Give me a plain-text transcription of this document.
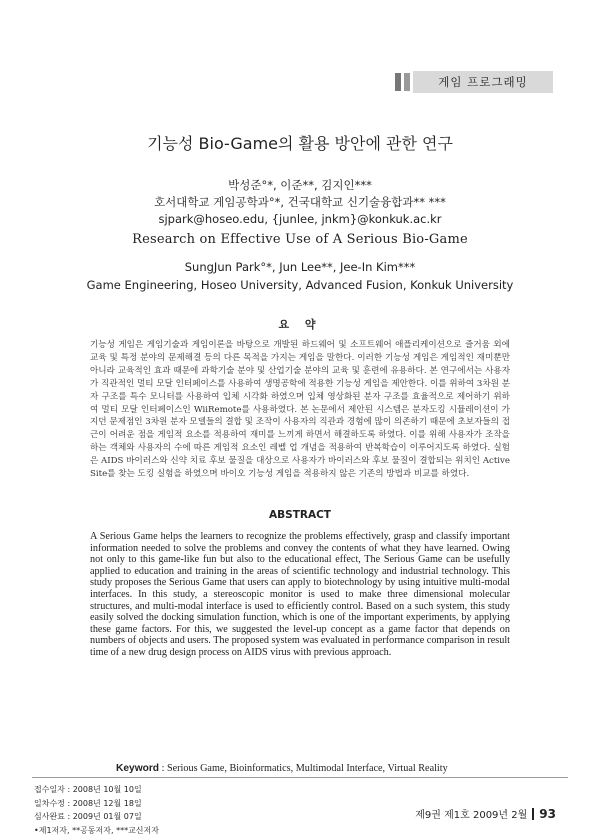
게임 프로그래밍
기능성 Bio-Game의 활용 방안에 관한 연구
박성준°*, 이준**, 김지인***
호서대학교 게임공학과°*, 건국대학교 신기술융합과** ***
sjpark@hoseo.edu, {junlee, jnkm}@konkuk.ac.kr
Research on Effective Use of A Serious Bio-Game
SungJun Park°*, Jun Lee**, Jee-In Kim***
Game Engineering, Hoseo University, Advanced Fusion, Konkuk University
요 약
기능성 게임은 게임기술과 게임이론을 바탕으로 개발된 하드웨어 및 소프트웨어 애플리케이션으로 즐거움 외에 교육 및 특정 분야의 문제해결 등의 다른 목적을 가지는 게임을 말한다. 이러한 기능성 게임은 게임적인 재미뿐만 아니라 교육적인 효과 때문에 과학기술 분야 및 산업기술 분야의 교육 및 훈련에 유용하다. 본 연구에서는 사용자가 직관적인 멀티 모달 인터페이스를 사용하여 생명공학에 적용한 기능성 게임을 제안한다. 이를 위하여 3차원 분자 구조를 특수 모니터를 사용하여 입체 시각화 하였으며 입체 영상화된 분자 구조를 효율적으로 제어하기 위하여 멀티 모달 인터페이스인 WiiRemote를 사용하였다. 본 논문에서 제안된 시스템은 분자도킹 시뮬레이션이 가지던 문제점인 3차원 분자 모델들의 결합 및 조작이 사용자의 직관과 경험에 많이 의존하기 때문에 초보자들의 접근이 어려운 점을 게임적 요소를 적용하여 재미를 느끼게 하면서 해결하도록 하였다. 이를 위해 사용자가 조작을 하는 객체와 사용자의 수에 따른 게임적 요소인 레벨 업 개념을 적용하여 반복학습이 이루어지도록 하였다. 실험은 AIDS 바이러스와 신약 치료 후보 물질을 대상으로 사용자가 바이러스와 후보 물질이 결합되는 위치인 Active Site를 찾는 도킹 실험을 하였으며 바이오 기능성 게임을 적용하지 않은 기존의 방법과 비교를 하였다.
ABSTRACT
A Serious Game helps the learners to recognize the problems effectively, grasp and classify important information needed to solve the problems and convey the contents of what they have learned. Owing not only to this game-like fun but also to the educational effect, The Serious Game can be usefully applied to education and training in the areas of scientific technology and industrial technology. This study proposes the Serious Game that users can apply to biotechnology by using intuitive multi-modal interfaces. In this study, a stereoscopic monitor is used to make three dimensional molecular structures, and multi-modal interface is used to efficiently control. Based on a such system, this study easily solved the docking simulation function, which is one of the important experiments, by applying these game factors. For this, we suggested the level-up concept as a game factor that depends on numbers of objects and users. The proposed system was evaluated in performance comparison in result time of a new drug design process on AIDS virus with previous approach.
Keyword : Serious Game, Bioinformatics, Multimodal Interface, Virtual Reality
접수일자 : 2008년 10월 10일
일차수정 : 2008년 12월 18일
심사완료 : 2009년 01월 07일
•제1저자, **공동저자, ***교신저자
제9권 제1호 2009년 2월 93
